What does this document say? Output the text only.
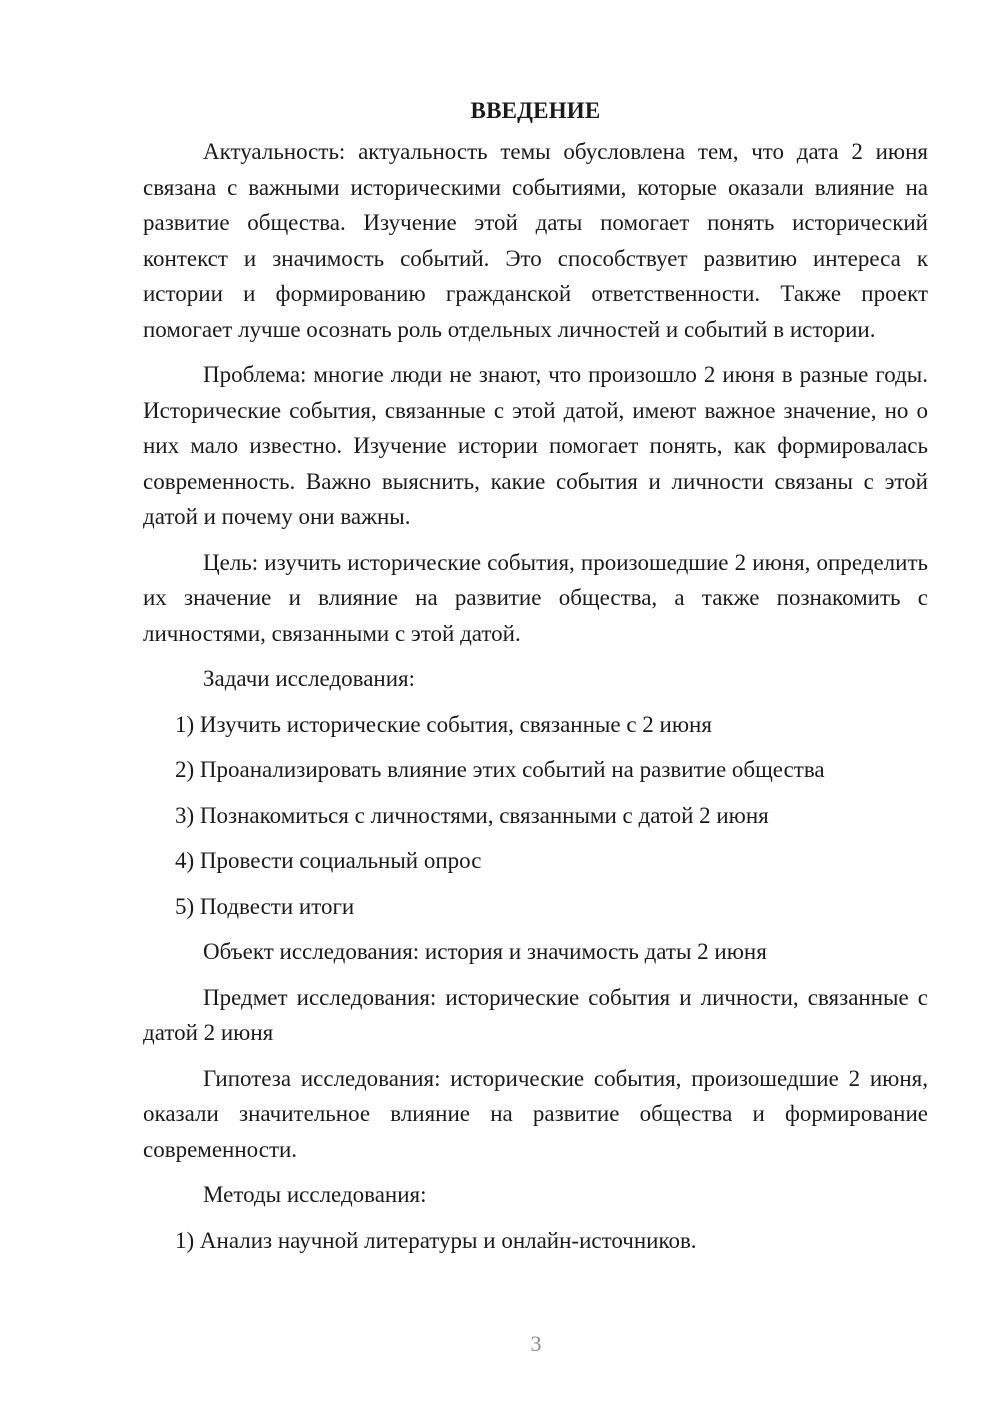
ВВЕДЕНИЕ

Актуальность: актуальность темы обусловлена тем, что дата 2 июня связана с важными историческими событиями, которые оказали влияние на развитие общества. Изучение этой даты помогает понять исторический контекст и значимость событий. Это способствует развитию интереса к истории и формированию гражданской ответственности. Также проект помогает лучше осознать роль отдельных личностей и событий в истории.

Проблема: многие люди не знают, что произошло 2 июня в разные годы. Исторические события, связанные с этой датой, имеют важное значение, но о них мало известно. Изучение истории помогает понять, как формировалась современность. Важно выяснить, какие события и личности связаны с этой датой и почему они важны.

Цель: изучить исторические события, произошедшие 2 июня, определить их значение и влияние на развитие общества, а также познакомить с личностями, связанными с этой датой.

Задачи исследования:

1) Изучить исторические события, связанные с 2 июня

2) Проанализировать влияние этих событий на развитие общества

3) Познакомиться с личностями, связанными с датой 2 июня

4) Провести социальный опрос

5) Подвести итоги

Объект исследования: история и значимость даты 2 июня

Предмет исследования: исторические события и личности, связанные с датой 2 июня

Гипотеза исследования: исторические события, произошедшие 2 июня, оказали значительное влияние на развитие общества и формирование современности.

Методы исследования:

1) Анализ научной литературы и онлайн-источников.

3
